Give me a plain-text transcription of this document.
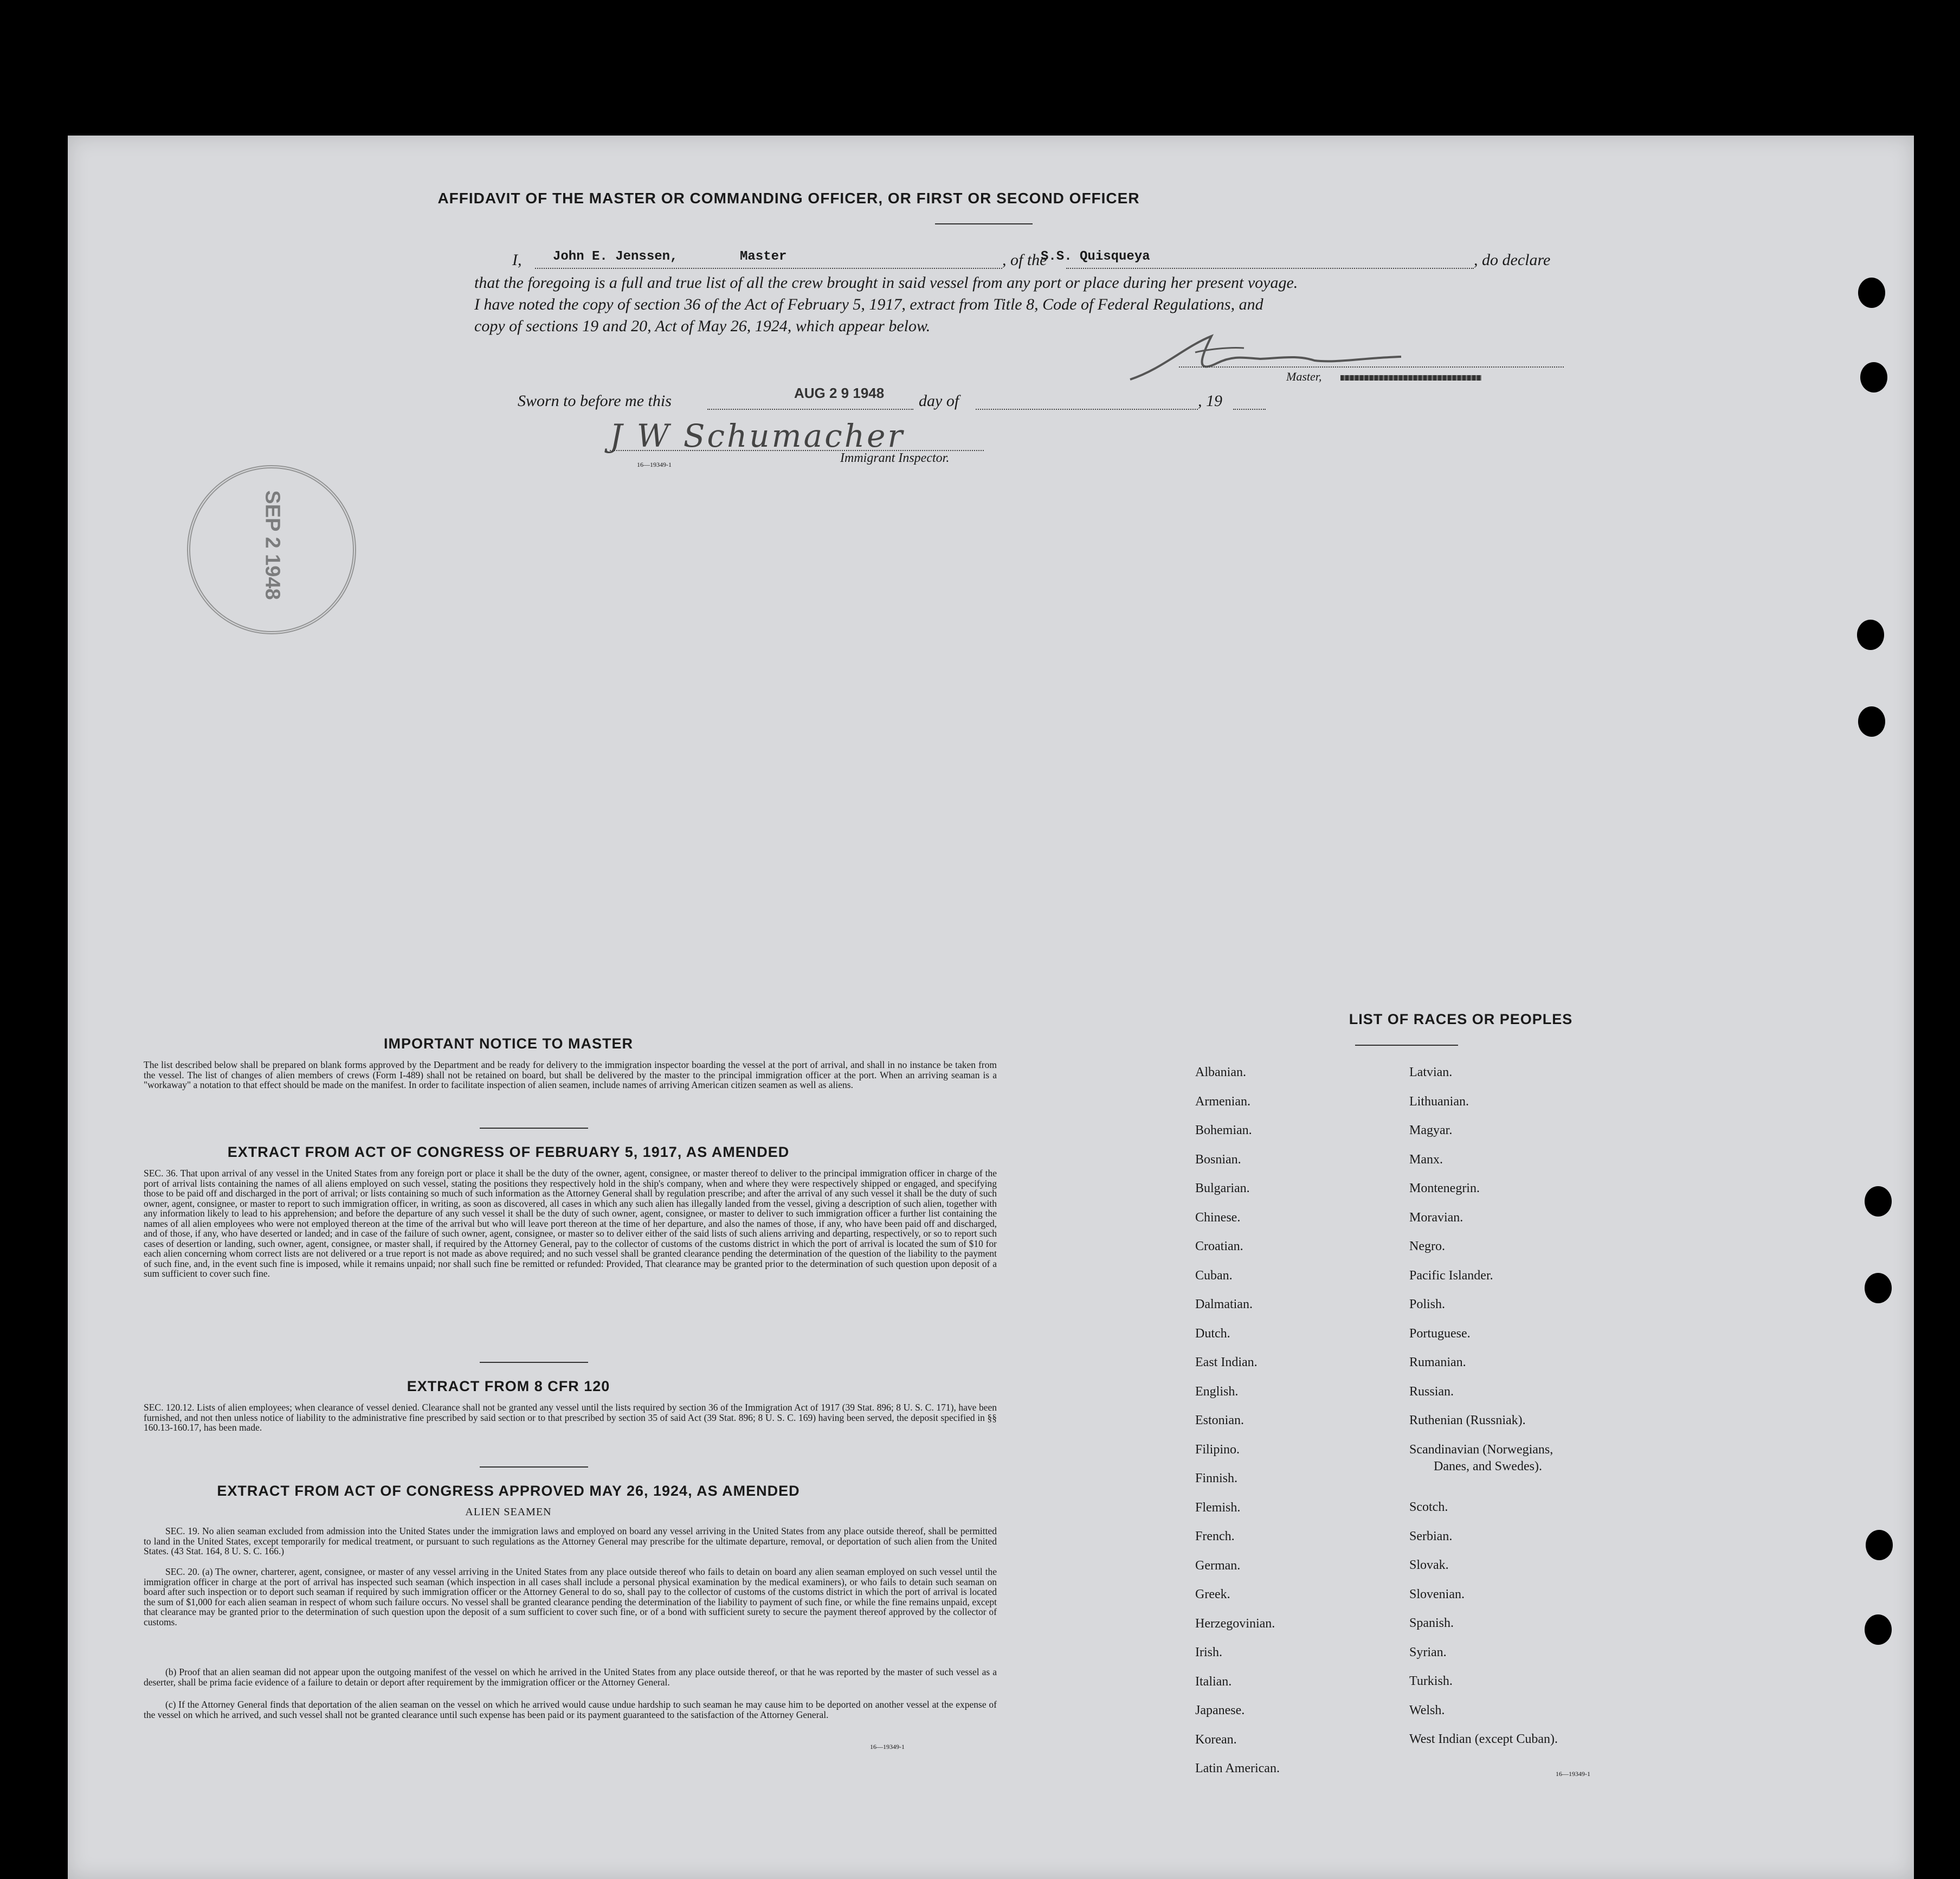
AFFIDAVIT OF THE MASTER OR COMMANDING OFFICER, OR FIRST OR SECOND OFFICER
I, John E. Jenssen,	Master	, of the
S.S. Quisqueya	, do declare
that the foregoing is a full and true list of all the crew brought in said vessel from any port or place during her present voyage.
I have noted the copy of section 36 of the Act of February 5, 1917, extract from Title 8, Code of Federal Regulations, and
copy of sections 19 and 20, Act of May 26, 1924, which appear below.
Master,
Sworn to before me this	AUG 2 9 1948 day of	, 19
J W Schumacher
16—19349-1	Immigrant Inspector.
SEP 2 1948
IMPORTANT NOTICE TO MASTER
The list described below shall be prepared on blank forms approved by the Department and be ready for delivery to the immigration inspector boarding the vessel at the port of arrival, and shall in no instance be taken from the vessel. The list of changes of alien members of crews (Form I-489) shall not be retained on board, but shall be delivered by the master to the principal immigration officer at the port. When an arriving seaman is a "workaway" a notation to that effect should be made on the manifest. In order to facilitate inspection of alien seamen, include names of arriving American citizen seamen as well as aliens.
EXTRACT FROM ACT OF CONGRESS OF FEBRUARY 5, 1917, AS AMENDED
SEC. 36. That upon arrival of any vessel in the United States from any foreign port or place it shall be the duty of the owner, agent, consignee, or master thereof to deliver to the principal immigration officer in charge of the port of arrival lists containing the names of all aliens employed on such vessel, stating the positions they respectively hold in the ship's company, when and where they were respectively shipped or engaged, and specifying those to be paid off and discharged in the port of arrival; or lists containing so much of such information as the Attorney General shall by regulation prescribe; and after the arrival of any such vessel it shall be the duty of such owner, agent, consignee, or master to report to such immigration officer, in writing, as soon as discovered, all cases in which any such alien has illegally landed from the vessel, giving a description of such alien, together with any information likely to lead to his apprehension; and before the departure of any such vessel it shall be the duty of such owner, agent, consignee, or master to deliver to such immigration officer a further list containing the names of all alien employees who were not employed thereon at the time of the arrival but who will leave port thereon at the time of her departure, and also the names of those, if any, who have been paid off and discharged, and of those, if any, who have deserted or landed; and in case of the failure of such owner, agent, consignee, or master so to deliver either of the said lists of such aliens arriving and departing, respectively, or so to report such cases of desertion or landing, such owner, agent, consignee, or master shall, if required by the Attorney General, pay to the collector of customs of the customs district in which the port of arrival is located the sum of $10 for each alien concerning whom correct lists are not delivered or a true report is not made as above required; and no such vessel shall be granted clearance pending the determination of the question of the liability to the payment of such fine, and, in the event such fine is imposed, while it remains unpaid; nor shall such fine be remitted or refunded: Provided, That clearance may be granted prior to the determination of such question upon deposit of a sum sufficient to cover such fine.
EXTRACT FROM 8 CFR 120
SEC. 120.12. Lists of alien employees; when clearance of vessel denied. Clearance shall not be granted any vessel until the lists required by section 36 of the Immigration Act of 1917 (39 Stat. 896; 8 U. S. C. 171), have been furnished, and not then unless notice of liability to the administrative fine prescribed by said section or to that prescribed by section 35 of said Act (39 Stat. 896; 8 U. S. C. 169) having been served, the deposit specified in §§ 160.13-160.17, has been made.
EXTRACT FROM ACT OF CONGRESS APPROVED MAY 26, 1924, AS AMENDED
ALIEN SEAMEN
SEC. 19. No alien seaman excluded from admission into the United States under the immigration laws and employed on board any vessel arriving in the United States from any place outside thereof, shall be permitted to land in the United States, except temporarily for medical treatment, or pursuant to such regulations as the Attorney General may prescribe for the ultimate departure, removal, or deportation of such alien from the United States. (43 Stat. 164, 8 U. S. C. 166.)
SEC. 20. (a) The owner, charterer, agent, consignee, or master of any vessel arriving in the United States from any place outside thereof who fails to detain on board any alien seaman employed on such vessel until the immigration officer in charge at the port of arrival has inspected such seaman (which inspection in all cases shall include a personal physical examination by the medical examiners), or who fails to detain such seaman on board after such inspection or to deport such seaman if required by such immigration officer or the Attorney General to do so, shall pay to the collector of customs of the customs district in which the port of arrival is located the sum of $1,000 for each alien seaman in respect of whom such failure occurs. No vessel shall be granted clearance pending the determination of the liability to payment of such fine, or while the fine remains unpaid, except that clearance may be granted prior to the determination of such question upon the deposit of a sum sufficient to cover such fine, or of a bond with sufficient surety to secure the payment thereof approved by the collector of customs.
(b) Proof that an alien seaman did not appear upon the outgoing manifest of the vessel on which he arrived in the United States from any place outside thereof, or that he was reported by the master of such vessel as a deserter, shall be prima facie evidence of a failure to detain or deport after requirement by the immigration officer or the Attorney General.
(c) If the Attorney General finds that deportation of the alien seaman on the vessel on which he arrived would cause undue hardship to such seaman he may cause him to be deported on another vessel at the expense of the vessel on which he arrived, and such vessel shall not be granted clearance until such expense has been paid or its payment guaranteed to the satisfaction of the Attorney General.
16—19349-1
LIST OF RACES OR PEOPLES
Albanian.
Armenian.
Bohemian.
Bosnian.
Bulgarian.
Chinese.
Croatian.
Cuban.
Dalmatian.
Dutch.
East Indian.
English.
Estonian.
Filipino.
Finnish.
Flemish.
French.
German.
Greek.
Herzegovinian.
Irish.
Italian.
Japanese.
Korean.
Latin American.
Latvian.
Lithuanian.
Magyar.
Manx.
Montenegrin.
Moravian.
Negro.
Pacific Islander.
Polish.
Portuguese.
Rumanian.
Russian.
Ruthenian (Russniak).
Scandinavian (Norwegians,
Danes, and Swedes).
Scotch.
Serbian.
Slovak.
Slovenian.
Spanish.
Syrian.
Turkish.
Welsh.
West Indian (except Cuban).
16—19349-1
